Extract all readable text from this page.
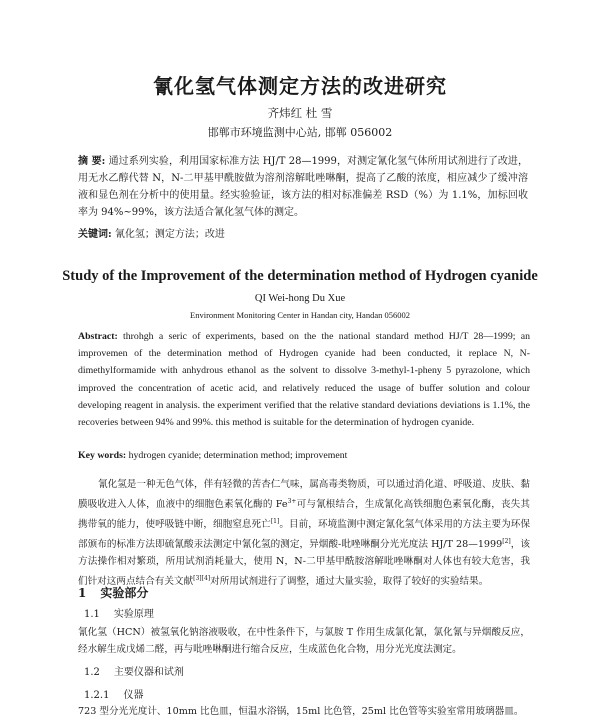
氰化氢气体测定方法的改进研究
齐炜红 杜 雪
邯郸市环境监测中心站, 邯郸 056002
摘 要: 通过系列实验，利用国家标准方法 HJ/T 28—1999，对测定氰化氢气体所用试剂进行了改进，用无水乙醇代替 N，N-二甲基甲酰胺做为溶剂溶解吡唑啉酮，提高了乙酸的浓度，相应减少了缓冲溶液和显色剂在分析中的使用量。经实验验证，该方法的相对标准偏差 RSD（%）为 1.1%，加标回收率为 94%~99%，该方法适合氰化氢气体的测定。
关键词: 氰化氢；测定方法；改进
Study of the Improvement of the determination method of Hydrogen cyanide
QI Wei-hong Du Xue
Environment Monitoring Center in Handan city, Handan 056002
Abstract: throhgh a seric of experiments, based on the the national standard method HJ/T 28—1999; an improvemen of the determination method of Hydrogen cyanide had been conducted, it replace N, N-dimethylformamide with anhydrous ethanol as the solvent to dissolve 3-methyl-1-pheny 5 pyrazolone, which improved the concentration of acetic acid, and relatively reduced the usage of buffer solution and colour developing reagent in analysis. the experiment verified that the relative standard deviations deviations is 1.1%, the recoveries between 94% and 99%. this method is suitable for the determination of hydrogen cyanide.
Key words: hydrogen cyanide; determination method; improvement
氰化氢是一种无色气体，伴有轻微的苦杏仁气味，属高毒类物质，可以通过消化道、呼吸道、皮肤、黏膜吸收进入人体，血液中的细胞色素氧化酶的 $Fe^{3+}$可与氰根结合，生成氰化高铁细胞色素氧化酶，丧失其携带氧的能力，使呼吸链中断，细胞窒息死亡[1]。目前，环境监测中测定氰化氢气体采用的方法主要为环保部颁布的标准方法即硫氰酸汞法测定中氰化氢的测定，异烟酸-吡唑啉酮分光光度法 HJ/T 28—1999[2]，该方法操作相对繁琐，所用试剂消耗量大，使用 N，N-二甲基甲酰胺溶解吡唑啉酮对人体也有较大危害，我们针对这两点结合有关文献[3][4]对所用试剂进行了调整，通过大量实验，取得了较好的实验结果。
1 实验部分
1.1 实验原理
氰化氢（HCN）被氢氧化钠溶液吸收，在中性条件下，与氯胺 T 作用生成氯化氰，氯化氰与异烟酸反应，经水解生成戊烯二醛，再与吡唑啉酮进行缩合反应，生成蓝色化合物，用分光光度法测定。
1.2 主要仪器和试剂
1.2.1 仪器
723 型分光光度计、10mm 比色皿，恒温水浴锅，15ml 比色管，25ml 比色管等实验室常用玻璃器皿。
